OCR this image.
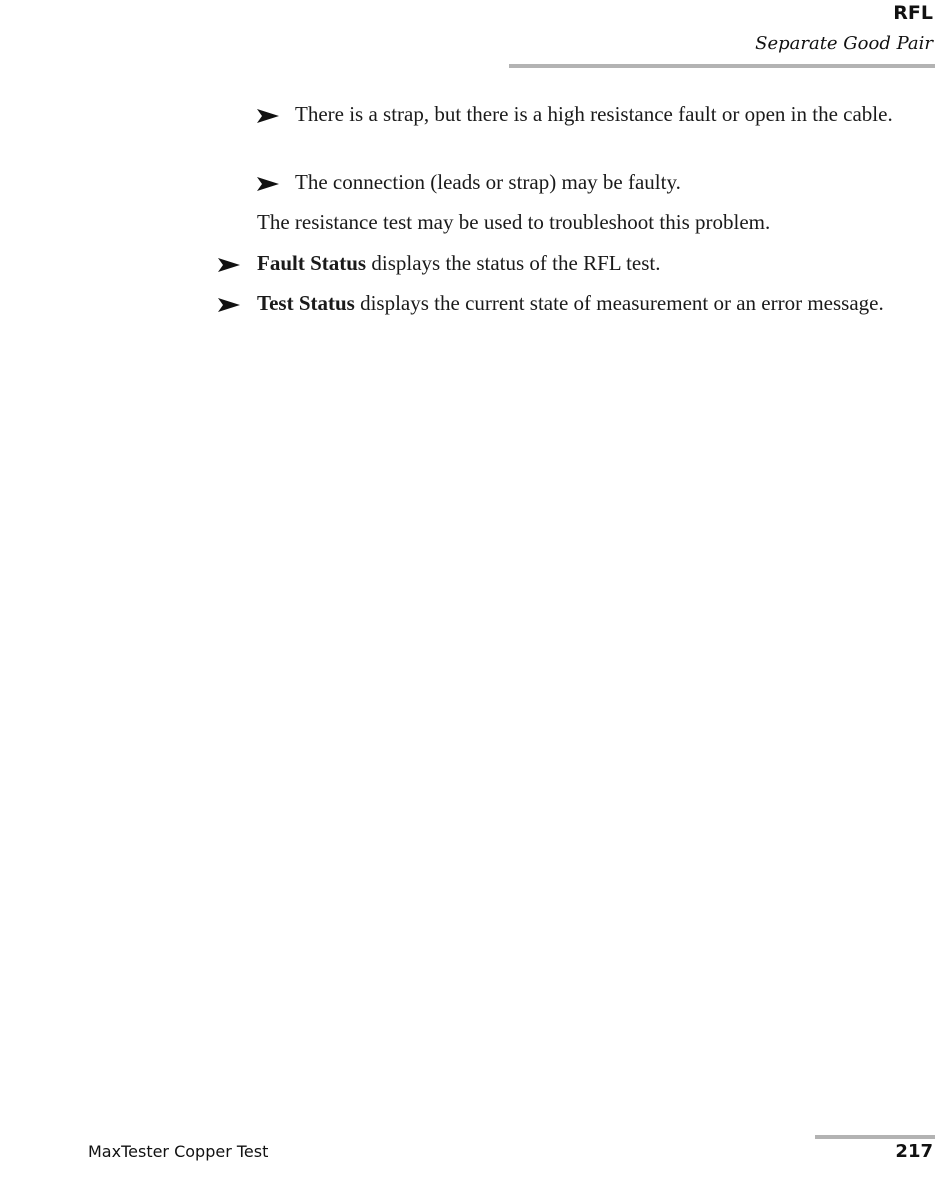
RFL
Separate Good Pair
There is a strap, but there is a high resistance fault or open in the cable.
The connection (leads or strap) may be faulty.
The resistance test may be used to troubleshoot this problem.
Fault Status displays the status of the RFL test.
Test Status displays the current state of measurement or an error message.
MaxTester Copper Test	217
